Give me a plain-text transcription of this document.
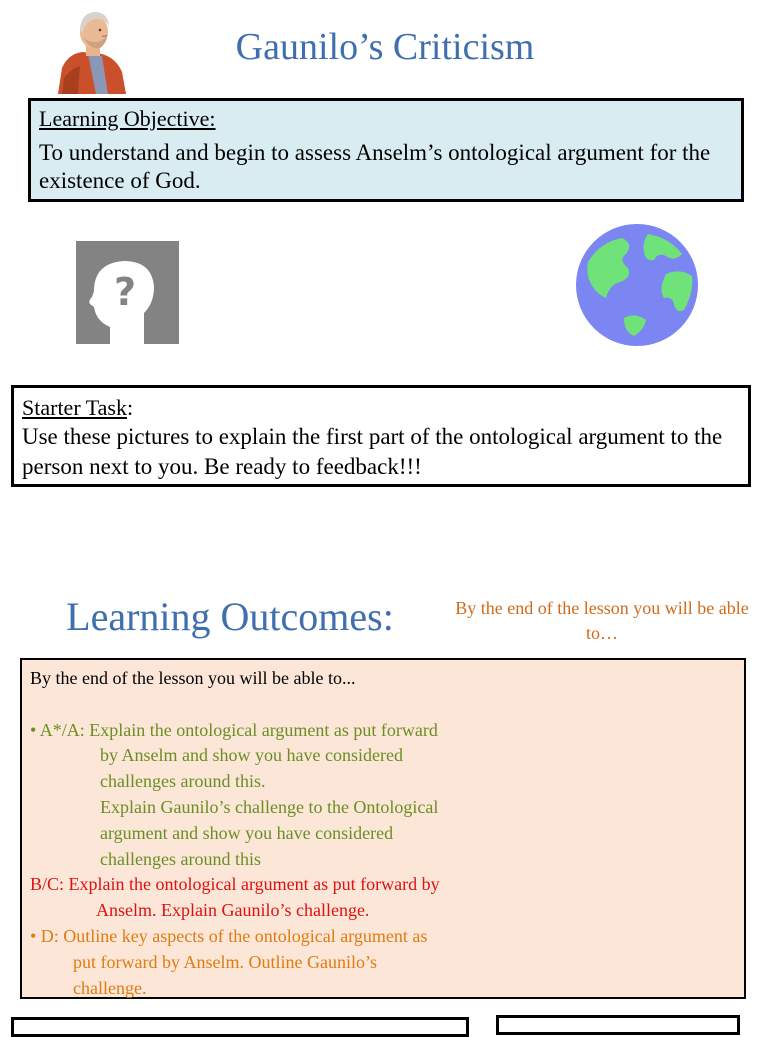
Gaunilo’s Criticism
Learning Objective:
To understand and begin to assess Anselm’s ontological argument for the existence of God.
?
Starter Task:
Use these pictures to explain the first part of the ontological argument to the person next to you. Be ready to feedback!!!
Learning Outcomes:	By the end of the lesson you will be able to…
By the end of the lesson you will be able to...
• A*/A: Explain the ontological argument as put forward
by Anselm and show you have considered
challenges around this.
Explain Gaunilo’s challenge to the Ontological
argument and show you have considered
challenges around this
B/C: Explain the ontological argument as put forward by
Anselm. Explain Gaunilo’s challenge.
• D: Outline key aspects of the ontological argument as
put forward by Anselm. Outline Gaunilo’s
challenge.
